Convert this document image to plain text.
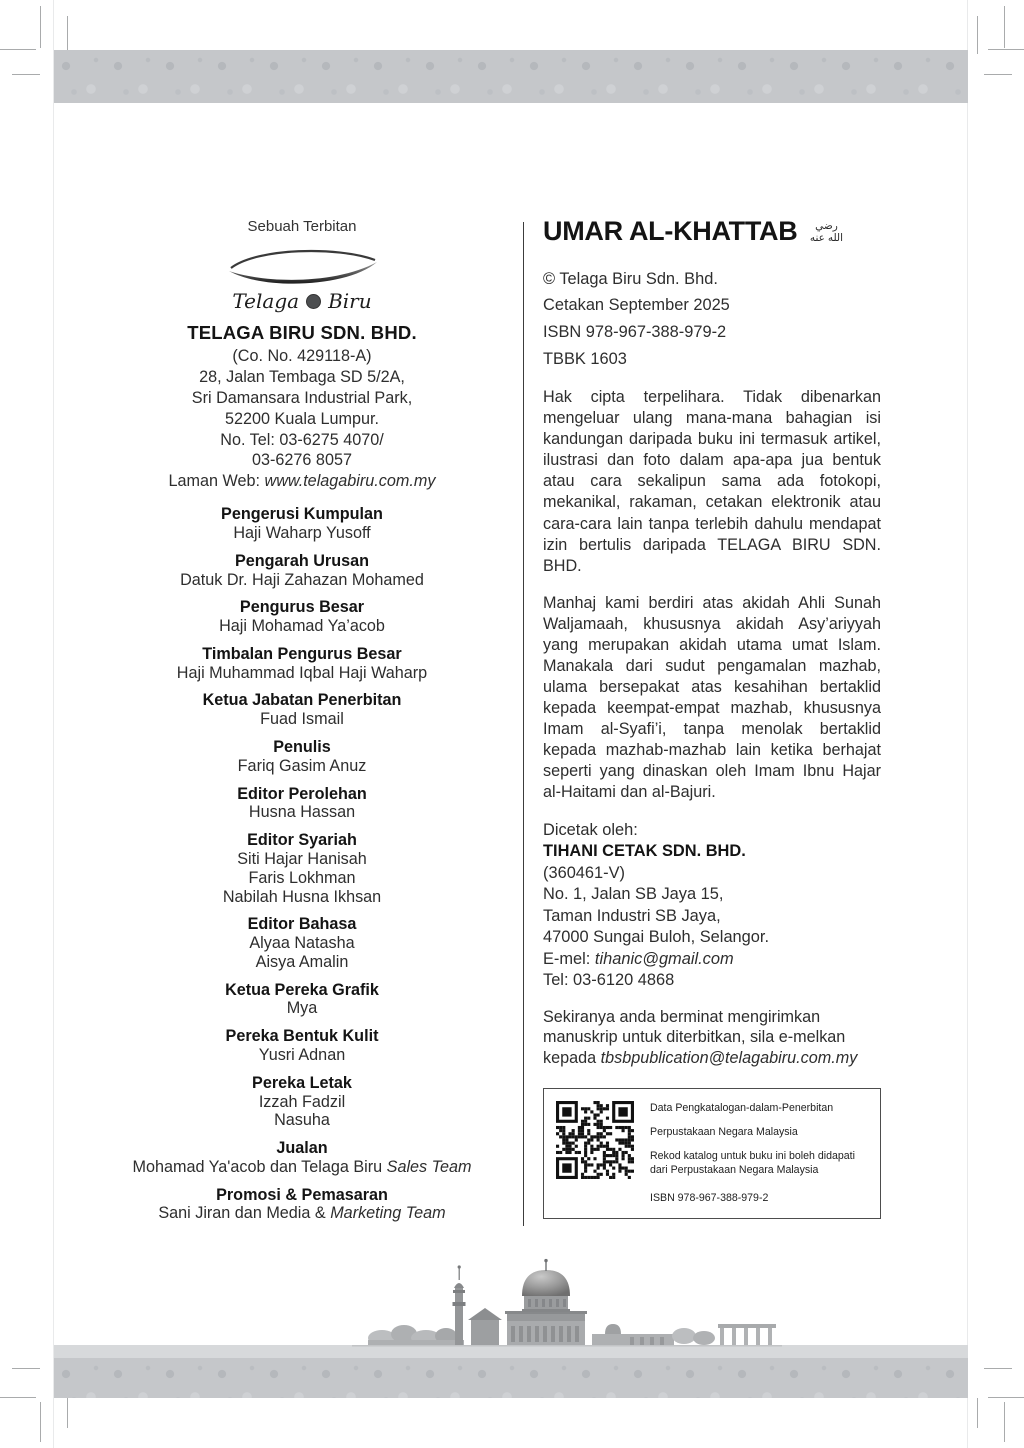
Sebuah Terbitan
Telaga Biru
TELAGA BIRU SDN. BHD.
(Co. No. 429118-A)
28, Jalan Tembaga SD 5/2A,
Sri Damansara Industrial Park,
52200 Kuala Lumpur.
No. Tel: 03-6275 4070/
03-6276 8057
Laman Web: www.telagabiru.com.my
Pengerusi Kumpulan
Haji Waharp Yusoff
Pengarah Urusan
Datuk Dr. Haji Zahazan Mohamed
Pengurus Besar
Haji Mohamad Ya’acob
Timbalan Pengurus Besar
Haji Muhammad Iqbal Haji Waharp
Ketua Jabatan Penerbitan
Fuad Ismail
Penulis
Fariq Gasim Anuz
Editor Perolehan
Husna Hassan
Editor Syariah
Siti Hajar Hanisah
Faris Lokhman
Nabilah Husna Ikhsan
Editor Bahasa
Alyaa Natasha
Aisya Amalin
Ketua Pereka Grafik
Mya
Pereka Bentuk Kulit
Yusri Adnan
Pereka Letak
Izzah Fadzil
Nasuha
Jualan
Mohamad Ya'acob dan Telaga Biru Sales Team
Promosi & Pemasaran
Sani Jiran dan Media & Marketing Team
UMAR AL-KHATTAB	رضي الله عنه
© Telaga Biru Sdn. Bhd.
Cetakan September 2025
ISBN 978-967-388-979-2
TBBK 1603

Hak cipta terpelihara. Tidak dibenarkan mengeluar ulang mana-mana bahagian isi kandungan daripada buku ini termasuk artikel, ilustrasi dan foto dalam apa-apa jua bentuk atau cara sekalipun sama ada fotokopi, mekanikal, rakaman, cetakan elektronik atau cara-cara lain tanpa terlebih dahulu mendapat izin bertulis daripada TELAGA BIRU SDN. BHD.

Manhaj kami berdiri atas akidah Ahli Sunah Waljamaah, khususnya akidah Asy’ariyyah yang merupakan akidah utama umat Islam. Manakala dari sudut pengamalan mazhab, ulama bersepakat atas kesahihan bertaklid kepada keempat-empat mazhab, khususnya Imam al-Syafi’i, tanpa menolak bertaklid kepada mazhab-mazhab lain ketika berhajat seperti yang dinaskan oleh Imam Ibnu Hajar al-Haitami dan al-Bajuri.

Dicetak oleh:
TIHANI CETAK SDN. BHD.
(360461-V)
No. 1, Jalan SB Jaya 15,
Taman Industri SB Jaya,
47000 Sungai Buloh, Selangor.
E-mel: tihanic@gmail.com
Tel: 03-6120 4868

Sekiranya anda berminat mengirimkan manuskrip untuk diterbitkan, sila e-melkan kepada tbsbpublication@telagabiru.com.my

Data Pengkatalogan-dalam-Penerbitan

Perpustakaan Negara Malaysia

Rekod katalog untuk buku ini boleh didapati dari Perpustakaan Negara Malaysia

ISBN 978-967-388-979-2
